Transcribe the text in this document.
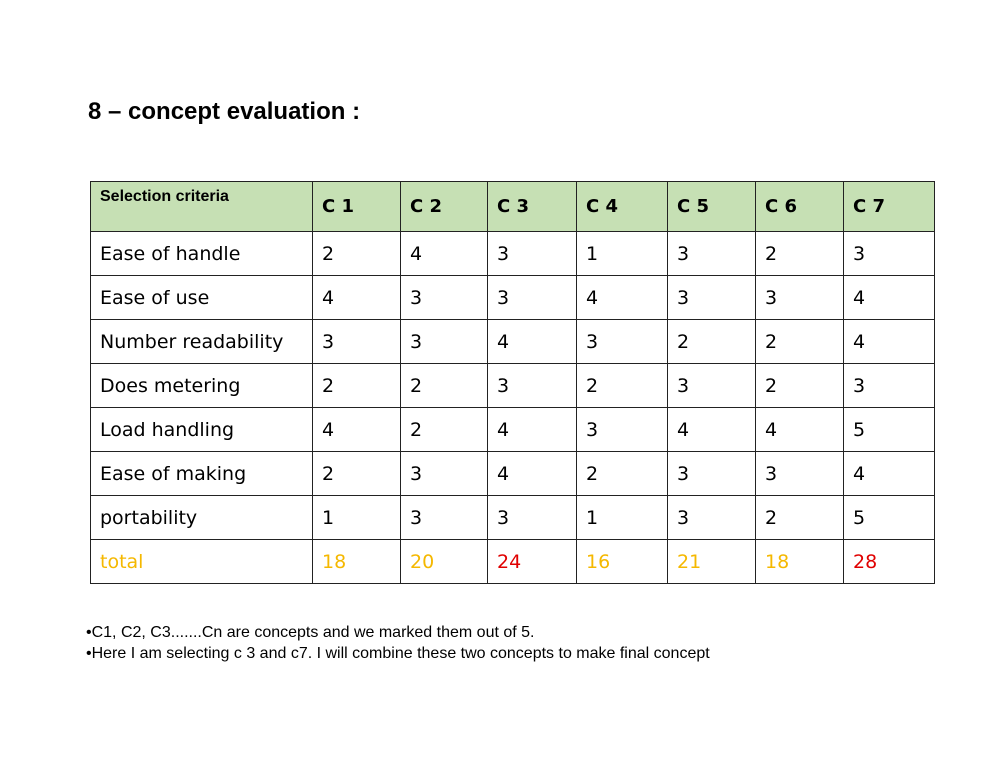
8 – concept evaluation :
Selection criteria	C 1	C 2	C 3	C 4	C 5	C 6	C 7
Ease of handle	2	4	3	1	3	2	3
Ease of use	4	3	3	4	3	3	4
Number readability	3	3	4	3	2	2	4
Does metering	2	2	3	2	3	2	3
Load handling	4	2	4	3	4	4	5
Ease of making	2	3	4	2	3	3	4
portability	1	3	3	1	3	2	5
total	18	20	24	16	21	18	28

•C1, C2, C3.......Cn are concepts and we marked them out of 5.

•Here I am selecting c 3 and c7. I will combine these two concepts to make final concept
